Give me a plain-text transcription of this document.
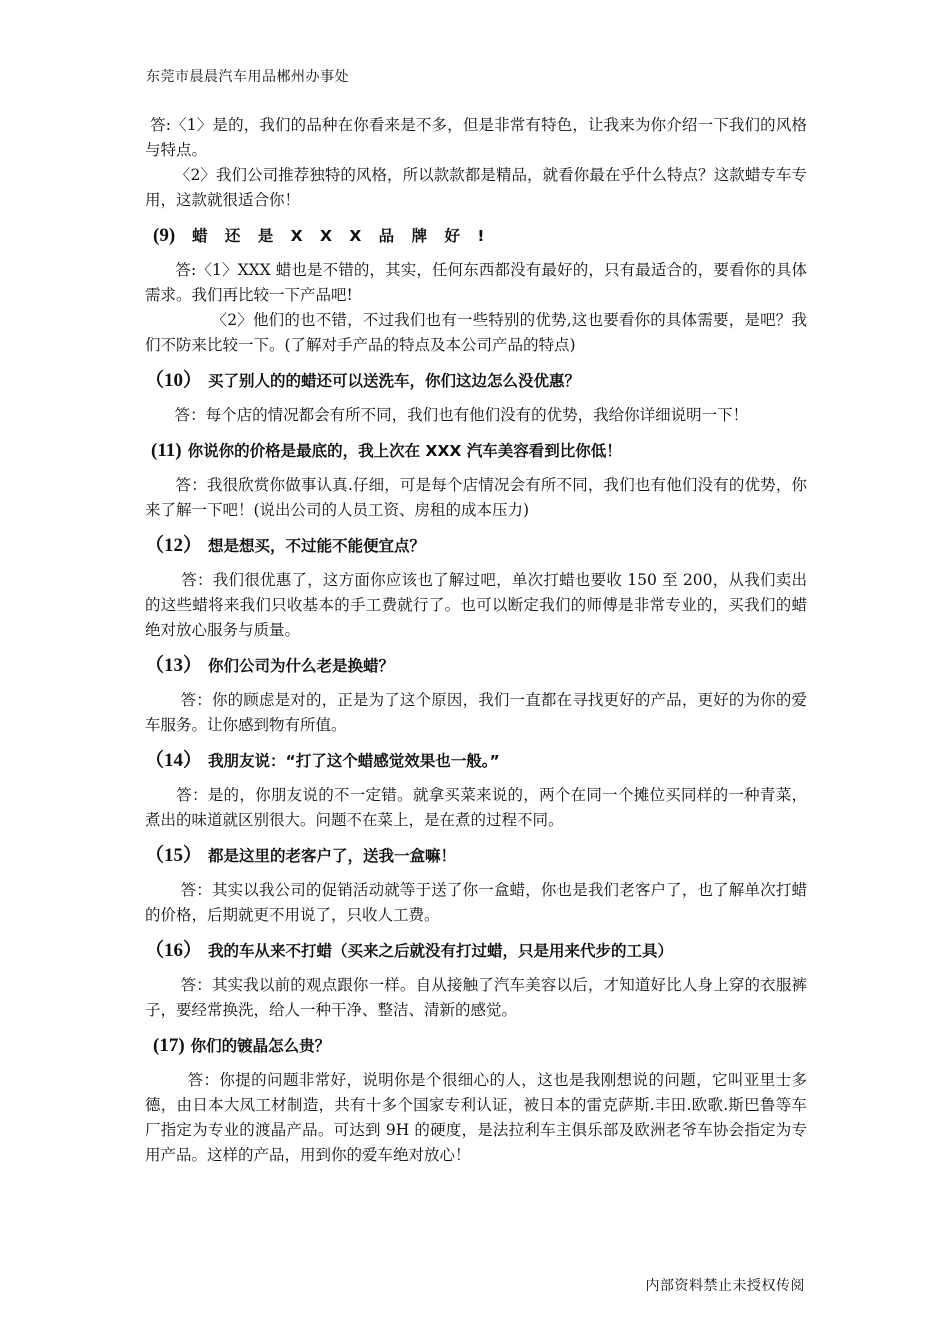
东莞市晨晨汽车用品郴州办事处

答:〈1〉是的，我们的品种在你看来是不多，但是非常有特色，让我来为你介绍一下我们的风格与特点。

〈2〉我们公司推荐独特的风格，所以款款都是精品，就看你最在乎什么特点？这款蜡专车专用，这款就很适合你！

(9) 蜡 还 是 X X X 品 牌 好 !

答:〈1〉XXX 蜡也是不错的，其实，任何东西都没有最好的，只有最适合的，要看你的具体需求。我们再比较一下产品吧!

〈2〉他们的也不错，不过我们也有一些特别的优势,这也要看你的具体需要，是吧？我们不防来比较一下。(了解对手产品的特点及本公司产品的特点)

（10） 买了别人的的蜡还可以送洗车，你们这边怎么没优惠？

答：每个店的情况都会有所不同，我们也有他们没有的优势，我给你详细说明一下！

(11) 你说你的价格是最底的，我上次在 XXX 汽车美容看到比你低！

答：我很欣赏你做事认真.仔细，可是每个店情况会有所不同，我们也有他们没有的优势，你来了解一下吧！(说出公司的人员工资、房租的成本压力)

（12） 想是想买，不过能不能便宜点？

答：我们很优惠了，这方面你应该也了解过吧，单次打蜡也要收 150 至 200，从我们卖出的这些蜡将来我们只收基本的手工费就行了。也可以断定我们的师傅是非常专业的，买我们的蜡绝对放心服务与质量。

（13） 你们公司为什么老是换蜡？

答：你的顾虑是对的，正是为了这个原因，我们一直都在寻找更好的产品，更好的为你的爱车服务。让你感到物有所值。

（14） 我朋友说：“打了这个蜡感觉效果也一般。”

答：是的，你朋友说的不一定错。就拿买菜来说的，两个在同一个摊位买同样的一种青菜，煮出的味道就区别很大。问题不在菜上，是在煮的过程不同。

（15） 都是这里的老客户了，送我一盒嘛！

答：其实以我公司的促销活动就等于送了你一盒蜡，你也是我们老客户了，也了解单次打蜡的价格，后期就更不用说了，只收人工费。

（16） 我的车从来不打蜡（买来之后就没有打过蜡，只是用来代步的工具）

答：其实我以前的观点跟你一样。自从接触了汽车美容以后，才知道好比人身上穿的衣服裤子，要经常换洗，给人一种干净、整洁、清新的感觉。

(17) 你们的镀晶怎么贵？

答：你提的问题非常好，说明你是个很细心的人，这也是我刚想说的问题，它叫亚里士多德，由日本大凤工材制造，共有十多个国家专利认证，被日本的雷克萨斯.丰田.欧歌.斯巴鲁等车厂指定为专业的渡晶产品。可达到 9H 的硬度，是法拉利车主俱乐部及欧洲老爷车协会指定为专用产品。这样的产品，用到你的爱车绝对放心！

内部资料禁止未授权传阅
